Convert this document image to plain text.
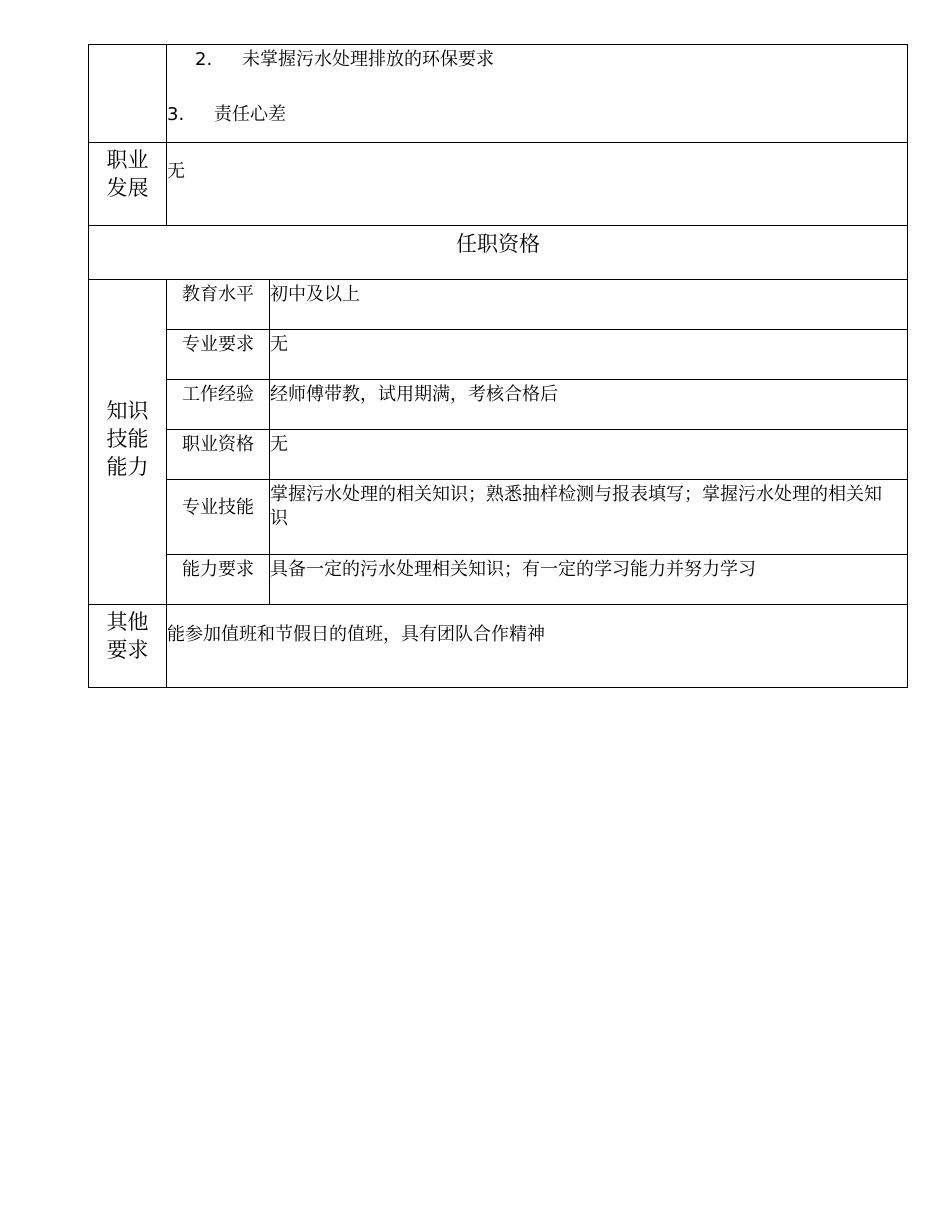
	2. 未掌握污水处理排放的环保要求
3. 责任心差	

职业
发展	无	
任职资格		

知识
技能
能力	教育水平	初中及以上
	专业要求	无
	工作经验	经师傅带教，试用期满，考核合格后
	职业资格	无
	专业技能	掌握污水处理的相关知识；熟悉抽样检测与报表填写；掌握污水处理的相关知识
	能力要求	具备一定的污水处理相关知识；有一定的学习能力并努力学习

其他
要求	能参加值班和节假日的值班，具有团队合作精神	
